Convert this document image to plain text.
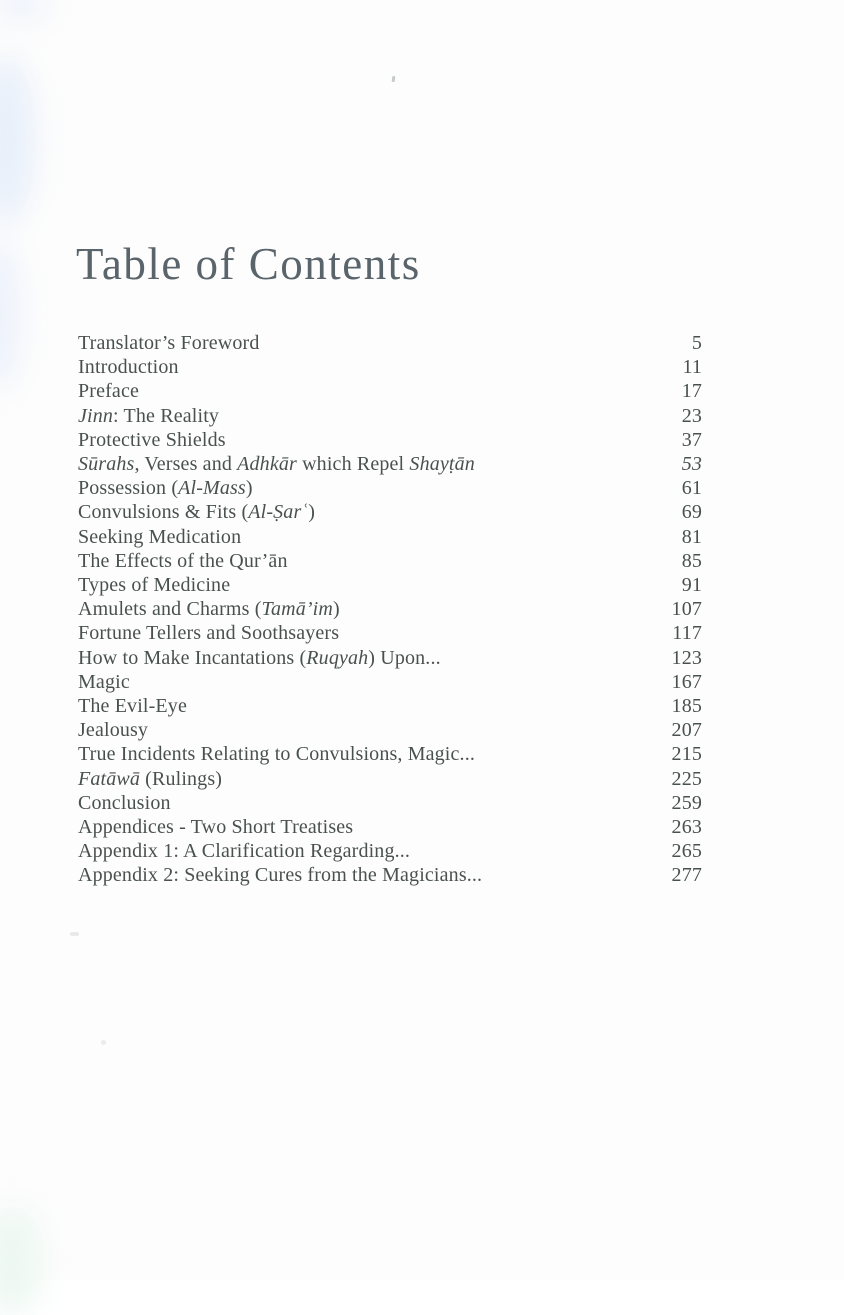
Table of Contents
Translator’s Foreword	5
Introduction	11
Preface	17
Jinn: The Reality	23
Protective Shields	37
Sūrahs, Verses and Adhkār which Repel Shayṭān	53
Possession (Al-Mass)	61
Convulsions & Fits (Al-Ṣarʿ)	69
Seeking Medication	81
The Effects of the Qur’ān	85
Types of Medicine	91
Amulets and Charms (Tamā’im)	107
Fortune Tellers and Soothsayers	117
How to Make Incantations (Ruqyah) Upon...	123
Magic	167
The Evil-Eye	185
Jealousy	207
True Incidents Relating to Convulsions, Magic...	215
Fatāwā (Rulings)	225
Conclusion	259
Appendices - Two Short Treatises	263
Appendix 1: A Clarification Regarding...	265
Appendix 2: Seeking Cures from the Magicians...	277
